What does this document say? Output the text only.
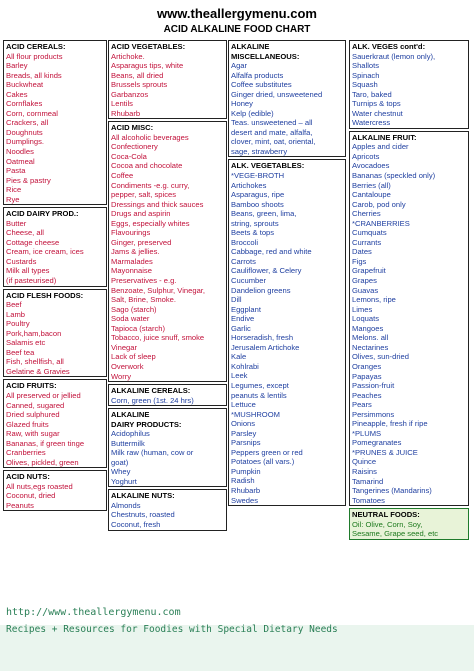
www.theallergymenu.com
ACID ALKALINE FOOD CHART
ACID CEREALS:
All flour products
Barley
Breads, all kinds
Buckwheat
Cakes
Cornflakes
Corn, cornmeal
Crackers, all
Doughnuts
Dumplings.
Noodles
Oatmeal
Pasta
Pies & pastry
Rice
Rye
ACID DAIRY PROD.:
Butter
Cheese, all
Cottage cheese
Cream, ice cream, ices
Custards
Milk all types
(if pasteurised)
ACID FLESH FOODS:
Beef
Lamb
Poultry
Pork,ham,bacon
Salamis etc
Beef tea
Fish, shellfish, all
Gelatine & Gravies
ACID FRUITS:
All preserved or jellied
Canned, sugared
Dried sulphured
Glazed fruits
Raw, with sugar
Bananas, if green tinge
Cranberries
Olives, pickled, green
ACID NUTS:
All nuts,egs roasted
Coconut, dried
Peanuts
ACID VEGETABLES:
Artichoke.
Asparagus tips, white
Beans, all dried
Brussels sprouts
Garbanzos
Lentils
Rhubarb
ACID MISC:
All alcoholic beverages
Confectionery
Coca-Cola
Cocoa and chocolate
Coffee
Condiments -e.g. curry,
pepper, salt, spices
Dressings and thick sauces
Drugs and aspirin
Eggs, especially whites
Flavourings
Ginger, preserved
Jams & jellies.
Marmalades
Mayonnaise
Preservatives - e.g.
Benzoate, Sulphur, Vinegar,
Salt, Brine, Smoke.
Sago (starch)
Soda water
Tapioca (starch)
Tobacco, juice snuff, smoke
Vinegar
Lack of sleep
Overwork
Worry
ALKALINE CEREALS:
Corn, green (1st. 24 hrs)
ALKALINE
DAIRY PRODUCTS:
Acidophilus
Buttermilk
Milk raw (human, cow or
goat)
Whey
Yoghurt
ALKALINE NUTS:
Almonds
Chestnuts, roasted
Coconut, fresh
ALKALINE
MISCELLANEOUS:
Agar
Alfalfa products
Coffee substitutes
Ginger dried, unsweetened
Honey
Kelp (edible)
Teas. unsweetened – all
desert and mate, alfalfa,
clover, mint, oat, oriental,
sage, strawberry
ALK. VEGETABLES:
*VEGE-BROTH
Artichokes
Asparagus, ripe
Bamboo shoots
Beans, green, lima,
string, sprouts
Beets & tops
Broccoli
Cabbage, red and white
Carrots
Cauliflower, & Celery
Cucumber
Dandelion greens
Dill
Eggplant
Endive
Garlic
Horseradish, fresh
Jerusalem Artichoke
Kale
Kohlrabi
Leek
Legumes, except
peanuts & lentils
Lettuce
*MUSHROOM
Onions
Parsley
Parsnips
Peppers green or red
Potatoes (all vars.)
Pumpkin
Radish
Rhubarb
Swedes
ALK. VEGES cont'd:
Sauerkraut (lemon only),
Shallots
Spinach
Squash
Taro, baked
Turnips & tops
Water chestnut
Watercress
ALKALINE FRUIT:
Apples and cider
Apricots
Avocadoes
Bananas (speckled only)
Berries (all)
Cantaloupe
Carob, pod only
Cherries
*CRANBERRIES
Cumquats
Currants
Dates
Figs
Grapefruit
Grapes
Guavas
Lemons, ripe
Limes
Loquats
Mangoes
Melons. all
Nectarines
Olives, sun-dried
Oranges
Papayas
Passion-fruit
Peaches
Pears
Persimmons
Pineapple, fresh if ripe
*PLUMS
Pomegranates
*PRUNES & JUICE
Quince
Raisins
Tamarind
Tangerines (Mandarins)
Tomatoes
NEUTRAL FOODS:
Oil: Olive, Corn, Soy,
Sesame, Grape seed, etc
http://www.theallergymenu.com
Recipes + Resources for Foodies with Special Dietary Needs
